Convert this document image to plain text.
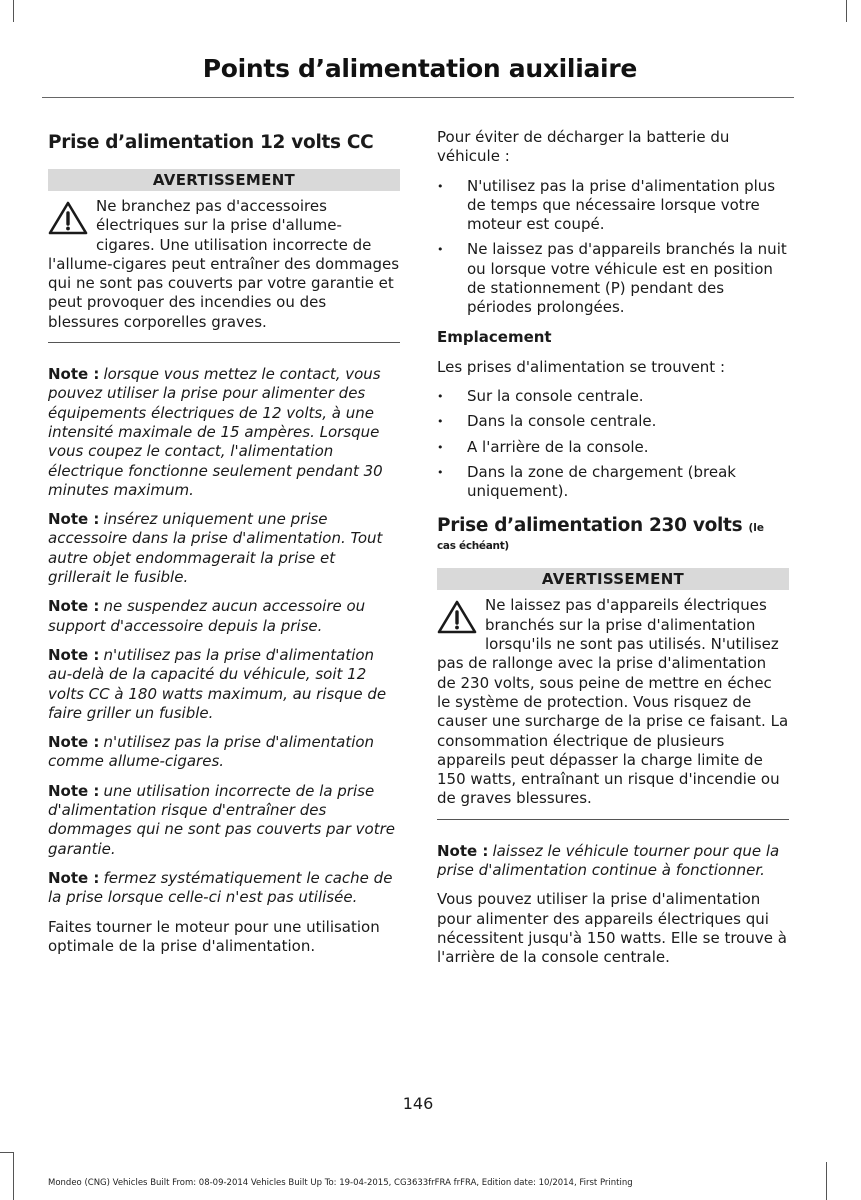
Points d’alimentation auxiliaire
Prise d’alimentation 12 volts CC
AVERTISSEMENT
Ne branchez pas d'accessoires électriques sur la prise d'allume-cigares. Une utilisation incorrecte de l'allume-cigares peut entraîner des dommages qui ne sont pas couverts par votre garantie et peut provoquer des incendies ou des blessures corporelles graves.

Note : lorsque vous mettez le contact, vous pouvez utiliser la prise pour alimenter des équipements électriques de 12 volts, à une intensité maximale de 15 ampères. Lorsque vous coupez le contact, l'alimentation électrique fonctionne seulement pendant 30 minutes maximum.

Note : insérez uniquement une prise accessoire dans la prise d'alimentation. Tout autre objet endommagerait la prise et grillerait le fusible.

Note : ne suspendez aucun accessoire ou support d'accessoire depuis la prise.

Note : n'utilisez pas la prise d'alimentation au-delà de la capacité du véhicule, soit 12 volts CC à 180 watts maximum, au risque de faire griller un fusible.

Note : n'utilisez pas la prise d'alimentation comme allume-cigares.

Note : une utilisation incorrecte de la prise d'alimentation risque d'entraîner des dommages qui ne sont pas couverts par votre garantie.

Note : fermez systématiquement le cache de la prise lorsque celle-ci n'est pas utilisée.

Faites tourner le moteur pour une utilisation optimale de la prise d'alimentation.

Pour éviter de décharger la batterie du véhicule :

• N'utilisez pas la prise d'alimentation plus de temps que nécessaire lorsque votre moteur est coupé.
• Ne laissez pas d'appareils branchés la nuit ou lorsque votre véhicule est en position de stationnement (P) pendant des périodes prolongées.
Emplacement

Les prises d'alimentation se trouvent :

• Sur la console centrale.
• Dans la console centrale.
• A l'arrière de la console.
• Dans la zone de chargement (break uniquement).
Prise d’alimentation 230 volts (le
cas échéant)
AVERTISSEMENT
Ne laissez pas d'appareils électriques branchés sur la prise d'alimentation lorsqu'ils ne sont pas utilisés. N'utilisez pas de rallonge avec la prise d'alimentation de 230 volts, sous peine de mettre en échec le système de protection. Vous risquez de causer une surcharge de la prise ce faisant. La consommation électrique de plusieurs appareils peut dépasser la charge limite de 150 watts, entraînant un risque d'incendie ou de graves blessures.

Note : laissez le véhicule tourner pour que la prise d'alimentation continue à fonctionner.

Vous pouvez utiliser la prise d'alimentation pour alimenter des appareils électriques qui nécessitent jusqu'à 150 watts. Elle se trouve à l'arrière de la console centrale.

146
Mondeo (CNG) Vehicles Built From: 08-09-2014 Vehicles Built Up To: 19-04-2015, CG3633frFRA frFRA, Edition date: 10/2014, First Printing
